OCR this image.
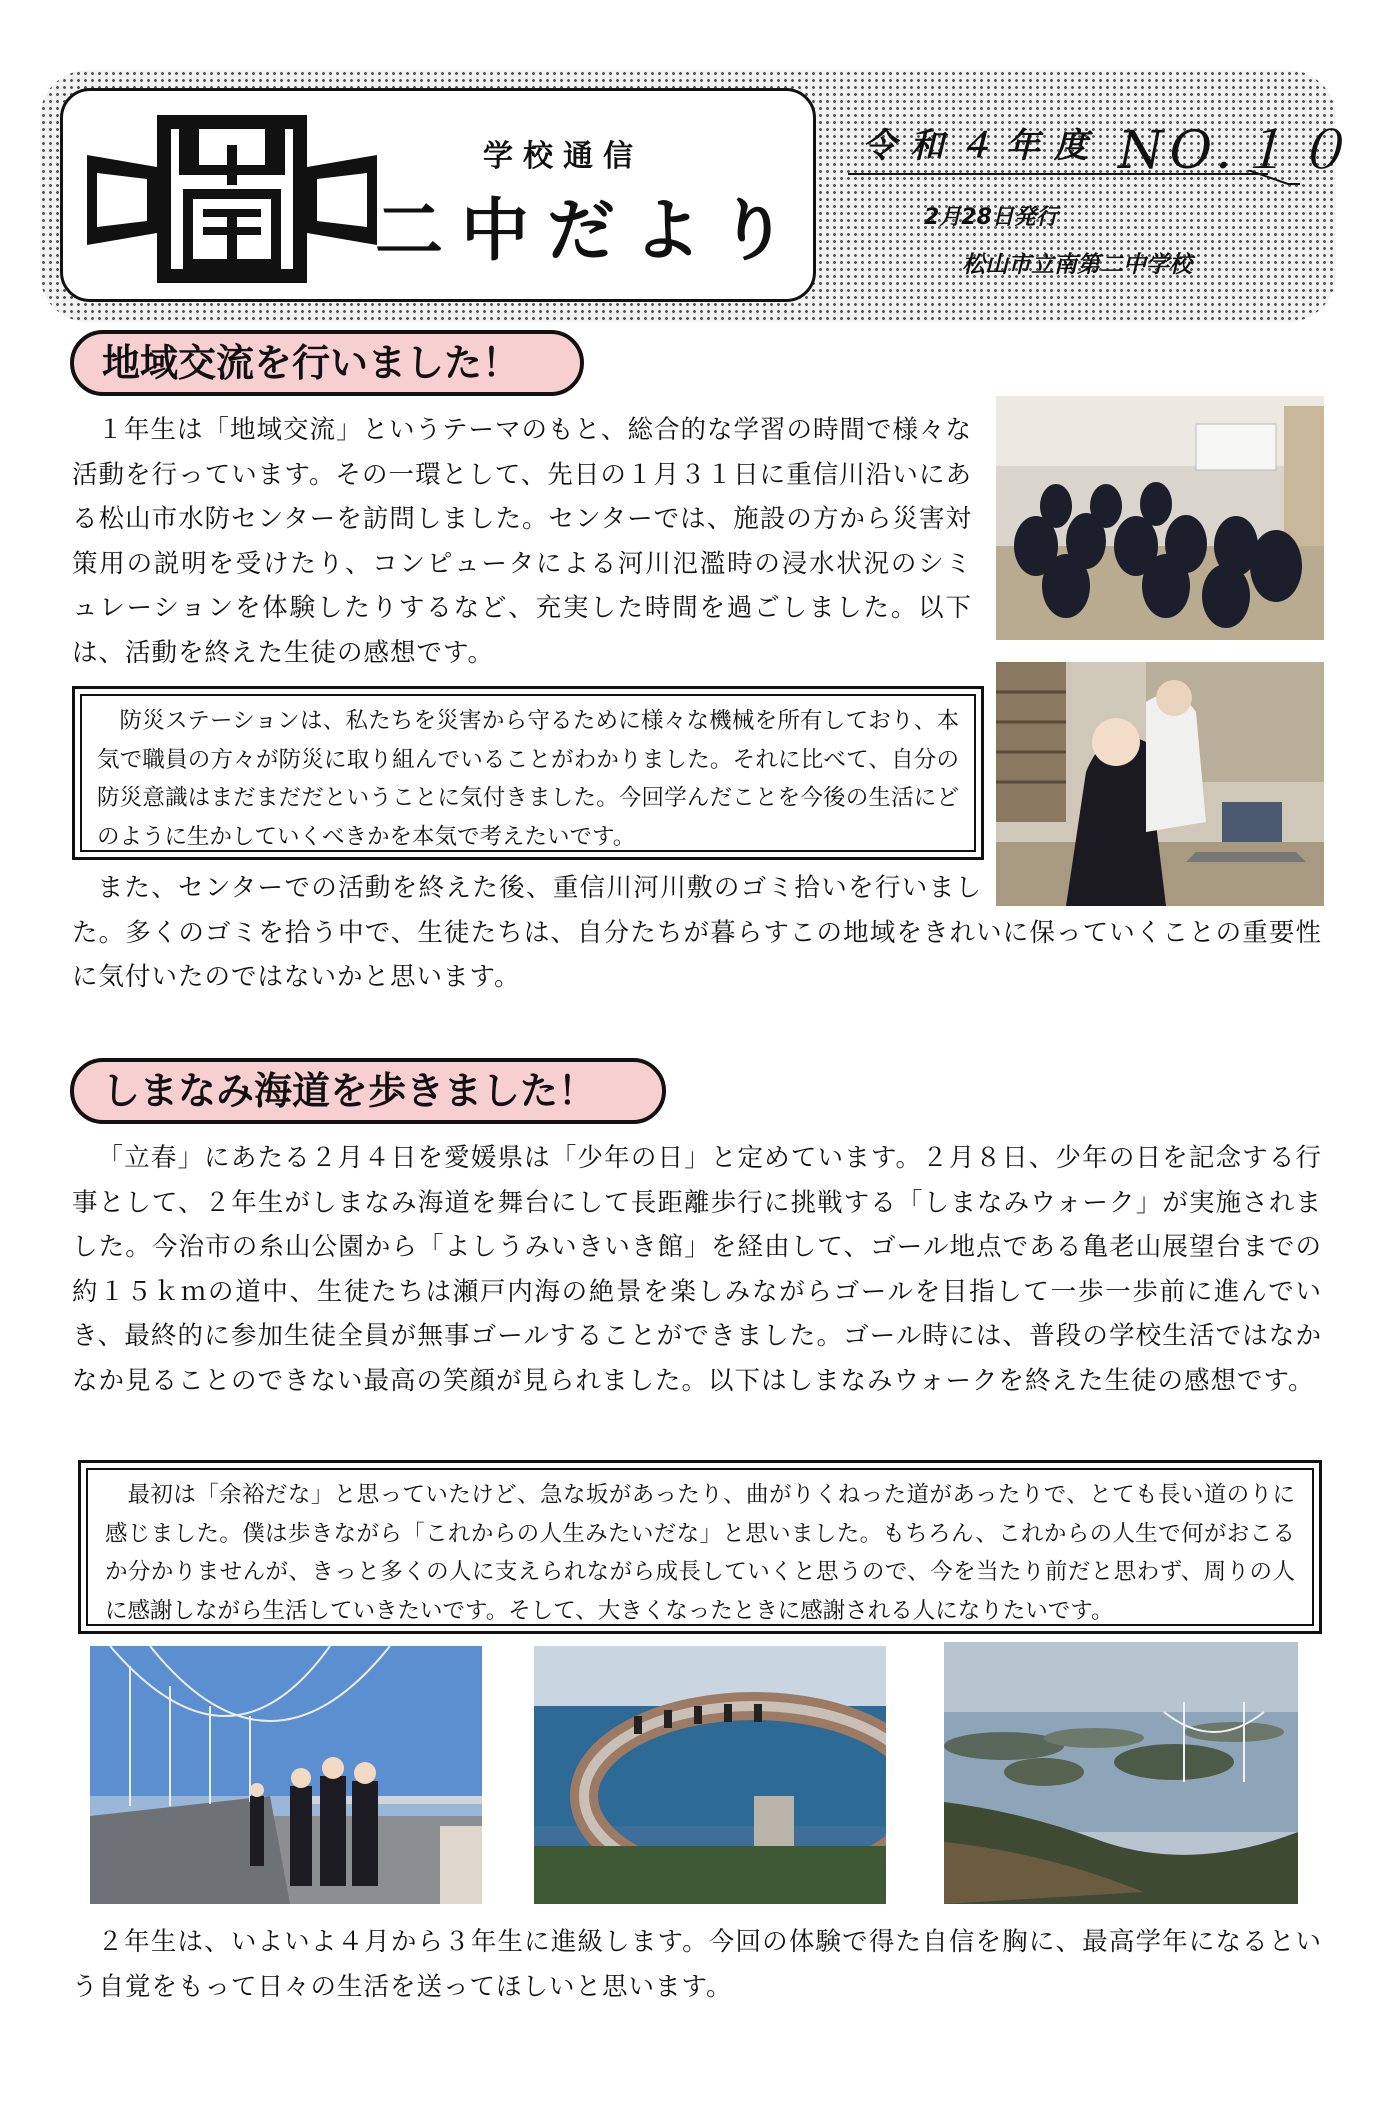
学校通信
二中だより
令和４年度 NO.１０
2月28日発行
松山市立南第二中学校
地域交流を行いました！
１年生は「地域交流」というテーマのもと、総合的な学習の時間で様々な活動を行っています。その一環として、先日の１月３１日に重信川沿いにある松山市水防センターを訪問しました。センターでは、施設の方から災害対策用の説明を受けたり、コンピュータによる河川氾濫時の浸水状況のシミュレーションを体験したりするなど、充実した時間を過ごしました。以下は、活動を終えた生徒の感想です。
防災ステーションは、私たちを災害から守るために様々な機械を所有しており、本気で職員の方々が防災に取り組んでいることがわかりました。それに比べて、自分の防災意識はまだまだだということに気付きました。今回学んだことを今後の生活にどのように生かしていくべきかを本気で考えたいです。
また、センターでの活動を終えた後、重信川河川敷のゴミ拾いを行いました。多くのゴミを拾う中で、生徒たちは、自分たちが暮らすこの地域をきれいに保っていくことの重要性に気付いたのではないかと思います。
しまなみ海道を歩きました！
「立春」にあたる２月４日を愛媛県は「少年の日」と定めています。２月８日、少年の日を記念する行事として、２年生がしまなみ海道を舞台にして長距離歩行に挑戦する「しまなみウォーク」が実施されました。今治市の糸山公園から「よしうみいきいき館」を経由して、ゴール地点である亀老山展望台までの約１５ｋｍの道中、生徒たちは瀬戸内海の絶景を楽しみながらゴールを目指して一歩一歩前に進んでいき、最終的に参加生徒全員が無事ゴールすることができました。ゴール時には、普段の学校生活ではなかなか見ることのできない最高の笑顔が見られました。以下はしまなみウォークを終えた生徒の感想です。
最初は「余裕だな」と思っていたけど、急な坂があったり、曲がりくねった道があったりで、とても長い道のりに感じました。僕は歩きながら「これからの人生みたいだな」と思いました。もちろん、これからの人生で何がおこるか分かりませんが、きっと多くの人に支えられながら成長していくと思うので、今を当たり前だと思わず、周りの人に感謝しながら生活していきたいです。そして、大きくなったときに感謝される人になりたいです。
２年生は、いよいよ４月から３年生に進級します。今回の体験で得た自信を胸に、最高学年になるという自覚をもって日々の生活を送ってほしいと思います。
